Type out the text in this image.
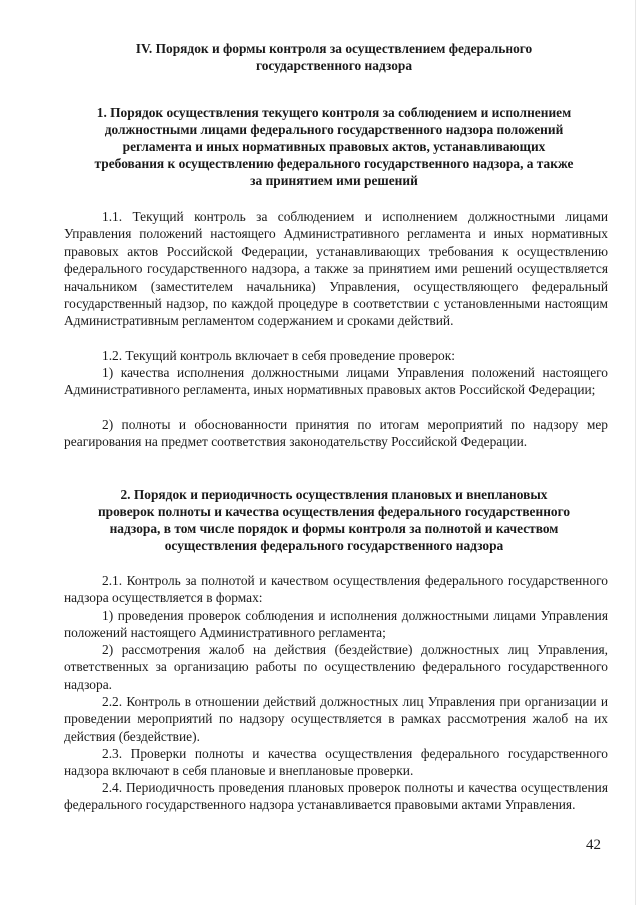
IV. Порядок и формы контроля за осуществлением федерального
государственного надзора
1. Порядок осуществления текущего контроля за соблюдением и исполнением
должностными лицами федерального государственного надзора положений
регламента и иных нормативных правовых актов, устанавливающих
требования к осуществлению федерального государственного надзора, а также
за принятием ими решений

1.1. Текущий контроль за соблюдением и исполнением должностными лицами Управления положений настоящего Административного регламента и иных нормативных правовых актов Российской Федерации, устанавливающих требования к осуществлению федерального государственного надзора, а также за принятием ими решений осуществляется начальником (заместителем начальника) Управления, осуществляющего федеральный государственный надзор, по каждой процедуре в соответствии с установленными настоящим Административным регламентом содержанием и сроками действий.

1.2. Текущий контроль включает в себя проведение проверок:

1) качества исполнения должностными лицами Управления положений настоящего Административного регламента, иных нормативных правовых актов Российской Федерации;

2) полноты и обоснованности принятия по итогам мероприятий по надзору мер реагирования на предмет соответствия законодательству Российской Федерации.

2. Порядок и периодичность осуществления плановых и внеплановых
проверок полноты и качества осуществления федерального государственного
надзора, в том числе порядок и формы контроля за полнотой и качеством
осуществления федерального государственного надзора

2.1. Контроль за полнотой и качеством осуществления федерального государственного надзора осуществляется в формах:

1) проведения проверок соблюдения и исполнения должностными лицами Управления положений настоящего Административного регламента;

2) рассмотрения жалоб на действия (бездействие) должностных лиц Управления, ответственных за организацию работы по осуществлению федерального государственного надзора.

2.2. Контроль в отношении действий должностных лиц Управления при организации и проведении мероприятий по надзору осуществляется в рамках рассмотрения жалоб на их действия (бездействие).

2.3. Проверки полноты и качества осуществления федерального государственного надзора включают в себя плановые и внеплановые проверки.

2.4. Периодичность проведения плановых проверок полноты и качества осуществления федерального государственного надзора устанавливается правовыми актами Управления.

42
